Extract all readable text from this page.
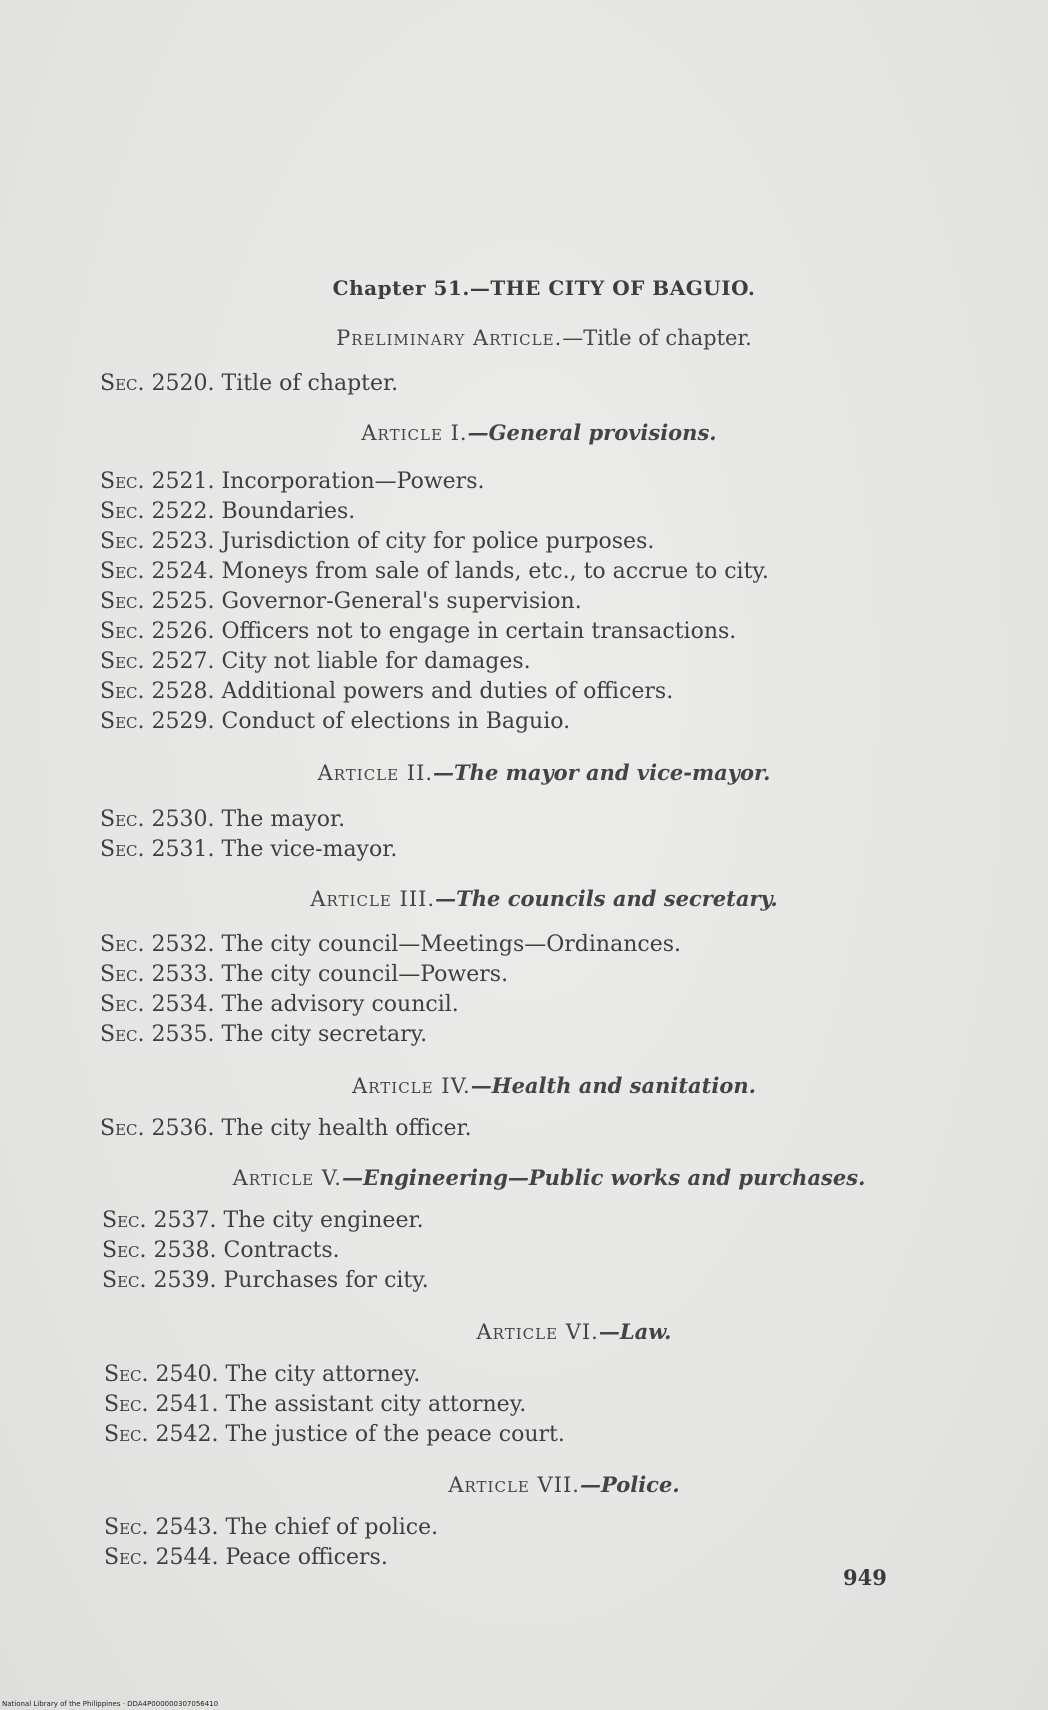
Chapter 51.—THE CITY OF BAGUIO.
Preliminary Article.—Title of chapter.
Sec. 2520. Title of chapter.
Article I.—General provisions.
Sec. 2521. Incorporation—Powers.
Sec. 2522. Boundaries.
Sec. 2523. Jurisdiction of city for police purposes.
Sec. 2524. Moneys from sale of lands, etc., to accrue to city.
Sec. 2525. Governor-General's supervision.
Sec. 2526. Officers not to engage in certain transactions.
Sec. 2527. City not liable for damages.
Sec. 2528. Additional powers and duties of officers.
Sec. 2529. Conduct of elections in Baguio.
Article II.—The mayor and vice-mayor.
Sec. 2530. The mayor.
Sec. 2531. The vice-mayor.
Article III.—The councils and secretary.
Sec. 2532. The city council—Meetings—Ordinances.
Sec. 2533. The city council—Powers.
Sec. 2534. The advisory council.
Sec. 2535. The city secretary.
Article IV.—Health and sanitation.
Sec. 2536. The city health officer.
Article V.—Engineering—Public works and purchases.
Sec. 2537. The city engineer.
Sec. 2538. Contracts.
Sec. 2539. Purchases for city.
Article VI.—Law.
Sec. 2540. The city attorney.
Sec. 2541. The assistant city attorney.
Sec. 2542. The justice of the peace court.
Article VII.—Police.
Sec. 2543. The chief of police.
Sec. 2544. Peace officers.
949
National Library of the Philippines · DDA4P000000307056410
